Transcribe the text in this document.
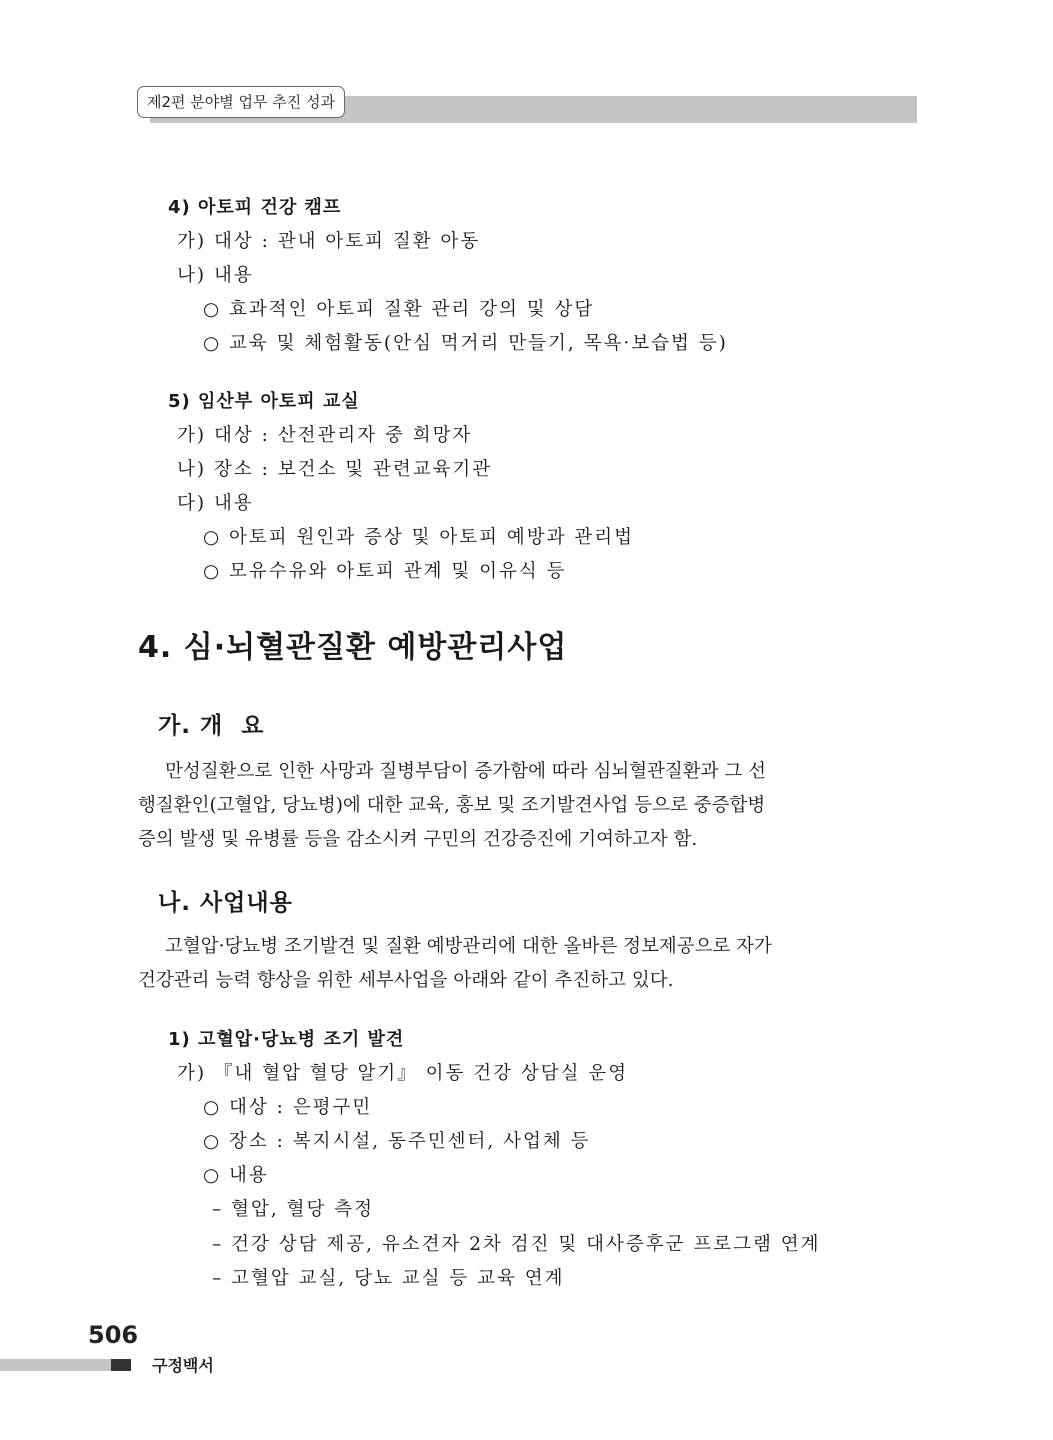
제2편 분야별 업무 추진 성과
4) 아토피 건강 캠프
가) 대상 : 관내 아토피 질환 아동
나) 내용
○ 효과적인 아토피 질환 관리 강의 및 상담
○ 교육 및 체험활동(안심 먹거리 만들기, 목욕·보습법 등)
5) 임산부 아토피 교실
가) 대상 : 산전관리자 중 희망자
나) 장소 : 보건소 및 관련교육기관
다) 내용
○ 아토피 원인과 증상 및 아토피 예방과 관리법
○ 모유수유와 아토피 관계 및 이유식 등
4. 심·뇌혈관질환 예방관리사업
가. 개  요

만성질환으로 인한 사망과 질병부담이 증가함에 따라 심뇌혈관질환과 그 선

행질환인(고혈압, 당뇨병)에 대한 교육, 홍보 및 조기발견사업 등으로 중증합병

증의 발생 및 유병률 등을 감소시켜 구민의 건강증진에 기여하고자 함.

나. 사업내용

고혈압·당뇨병 조기발견 및 질환 예방관리에 대한 올바른 정보제공으로 자가

건강관리 능력 향상을 위한 세부사업을 아래와 같이 추진하고 있다.

1) 고혈압·당뇨병 조기 발견
가) 『내 혈압 혈당 알기』 이동 건강 상담실 운영
○ 대상 : 은평구민
○ 장소 : 복지시설, 동주민센터, 사업체 등
○ 내용
– 혈압, 혈당 측정
– 건강 상담 제공, 유소견자 2차 검진 및 대사증후군 프로그램 연계
– 고혈압 교실, 당뇨 교실 등 교육 연계
506
구정백서
